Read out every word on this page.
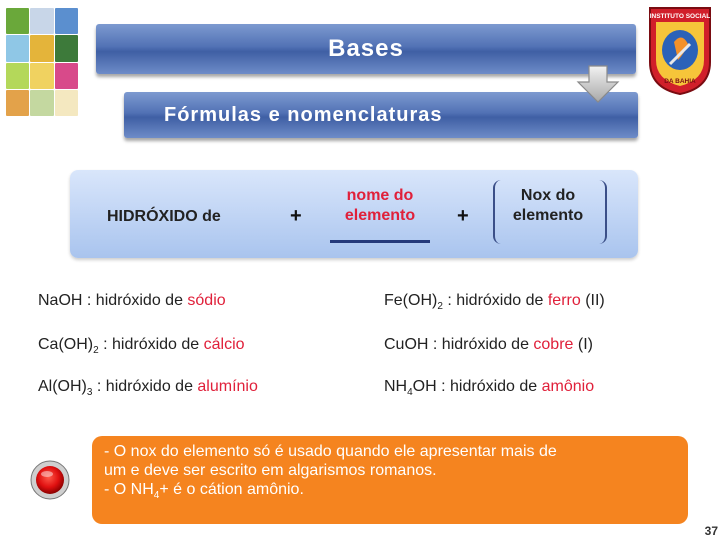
Bases
Fórmulas e nomenclaturas
INSTITUTO SOCIAL
DA BAHIA
HIDRÓXIDO de	+
nome do
elemento	+
Nox do
elemento
NaOH : hidróxido de sódio
$Ca(OH)_2$ : hidróxido de cálcio
$Al(OH)_3$ : hidróxido de alumínio
$Fe(OH)_2$ : hidróxido de ferro (II)
CuOH : hidróxido de cobre (I)
$NH_4OH$ : hidróxido de amônio
- O nox do elemento só é usado quando ele apresentar mais de
um e deve ser escrito em algarismos romanos.
- O $NH_4+$ é o cátion amônio.
37
